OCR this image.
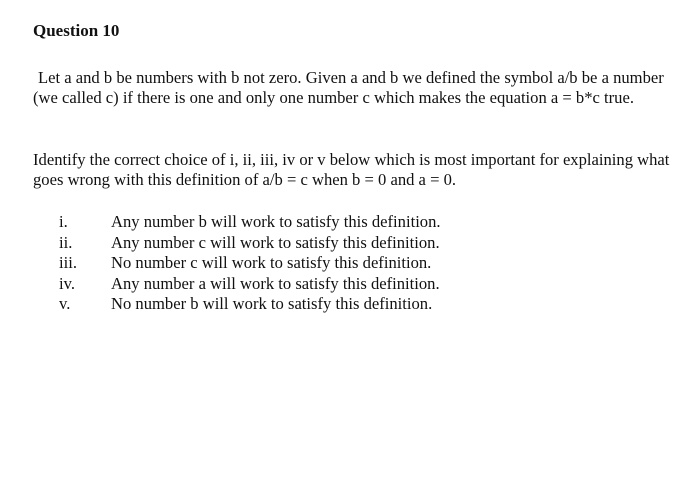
Question 10

Let a and b be numbers with b not zero. Given a and b we defined the symbol a/b be a number (we called c) if there is one and only one number c which makes the equation a = b*c true.

Identify the correct choice of i, ii, iii, iv or v below which is most important for explaining what goes wrong with this definition of a/b = c when b = 0 and a = 0.

i.	Any number b will work to satisfy this definition.
ii. Any number c will work to satisfy this definition.
iii. No number c will work to satisfy this definition.
iv. Any number a will work to satisfy this definition.
v. No number b will work to satisfy this definition.
